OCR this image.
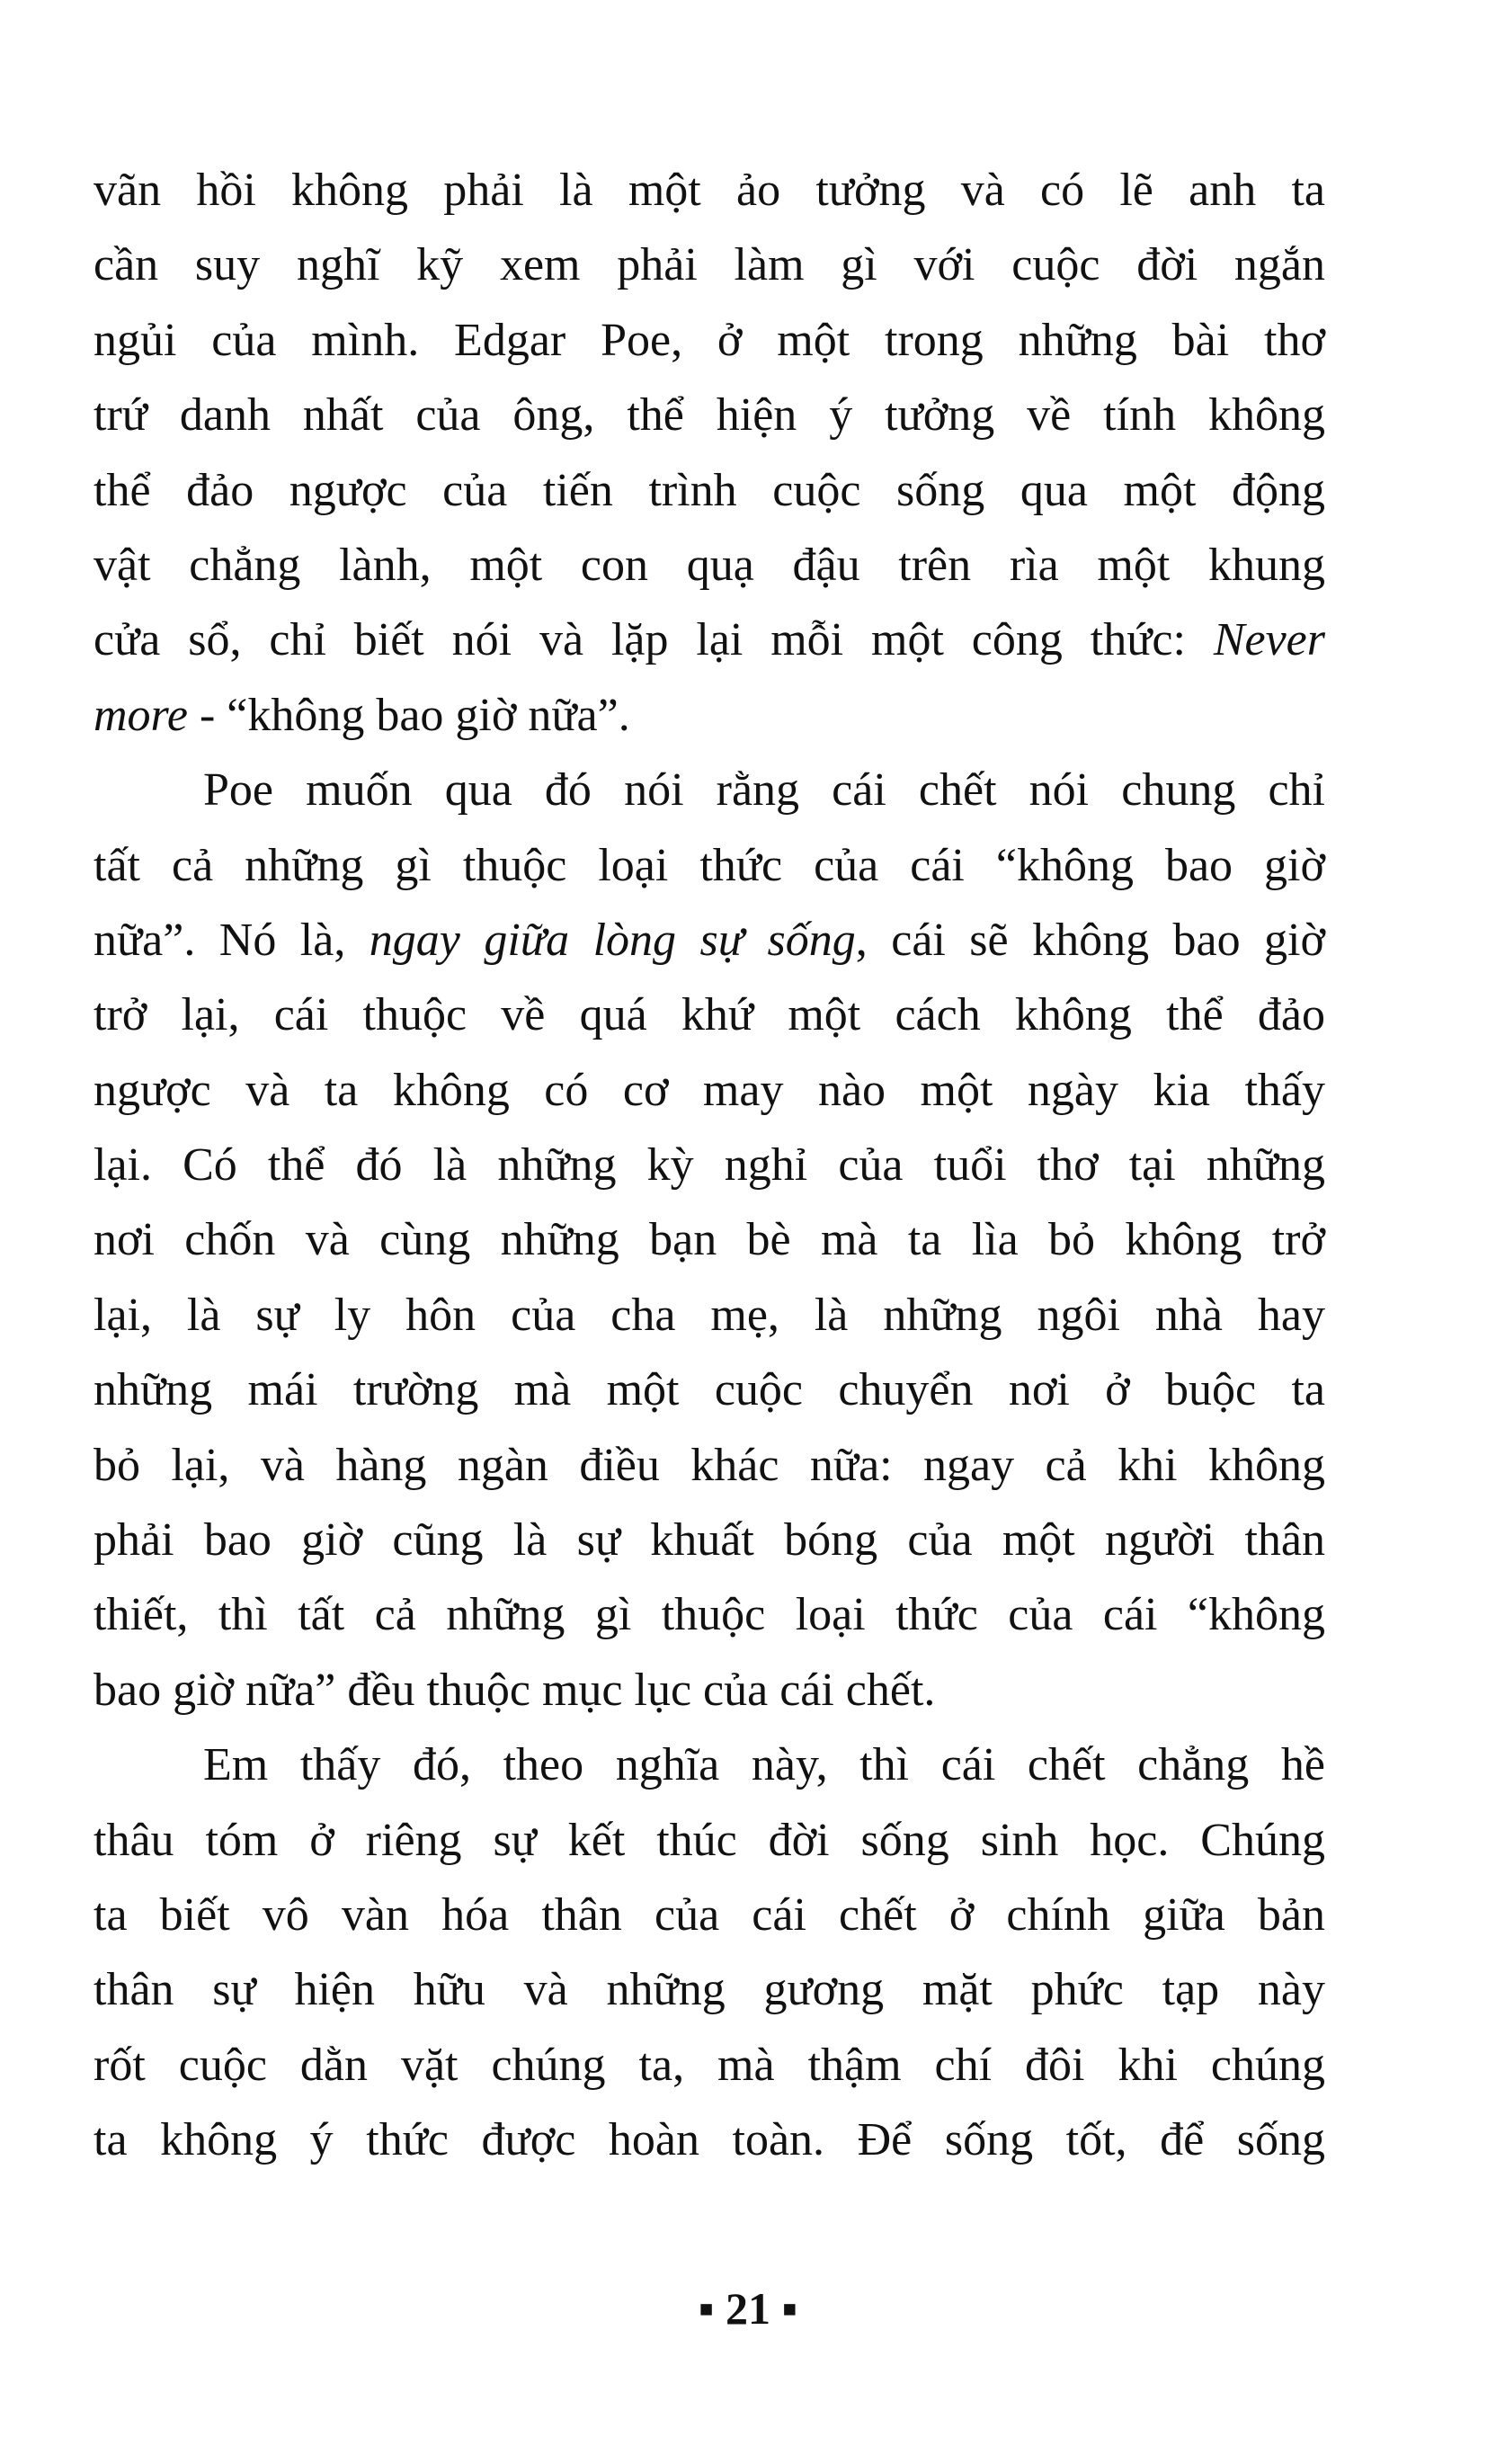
vãn hồi không phải là một ảo tưởng và có lẽ anh ta
cần suy nghĩ kỹ xem phải làm gì với cuộc đời ngắn
ngủi của mình. Edgar Poe, ở một trong những bài thơ
trứ danh nhất của ông, thể hiện ý tưởng về tính không
thể đảo ngược của tiến trình cuộc sống qua một động
vật chẳng lành, một con quạ đậu trên rìa một khung
cửa sổ, chỉ biết nói và lặp lại mỗi một công thức: Never
more - “không bao giờ nữa”.
Poe muốn qua đó nói rằng cái chết nói chung chỉ
tất cả những gì thuộc loại thức của cái “không bao giờ
nữa”. Nó là, ngay giữa lòng sự sống, cái sẽ không bao giờ
trở lại, cái thuộc về quá khứ một cách không thể đảo
ngược và ta không có cơ may nào một ngày kia thấy
lại. Có thể đó là những kỳ nghỉ của tuổi thơ tại những
nơi chốn và cùng những bạn bè mà ta lìa bỏ không trở
lại, là sự ly hôn của cha mẹ, là những ngôi nhà hay
những mái trường mà một cuộc chuyển nơi ở buộc ta
bỏ lại, và hàng ngàn điều khác nữa: ngay cả khi không
phải bao giờ cũng là sự khuất bóng của một người thân
thiết, thì tất cả những gì thuộc loại thức của cái “không
bao giờ nữa” đều thuộc mục lục của cái chết.
Em thấy đó, theo nghĩa này, thì cái chết chẳng hề
thâu tóm ở riêng sự kết thúc đời sống sinh học. Chúng
ta biết vô vàn hóa thân của cái chết ở chính giữa bản
thân sự hiện hữu và những gương mặt phức tạp này
rốt cuộc dằn vặt chúng ta, mà thậm chí đôi khi chúng
ta không ý thức được hoàn toàn. Để sống tốt, để sống
▪ 21 ▪
